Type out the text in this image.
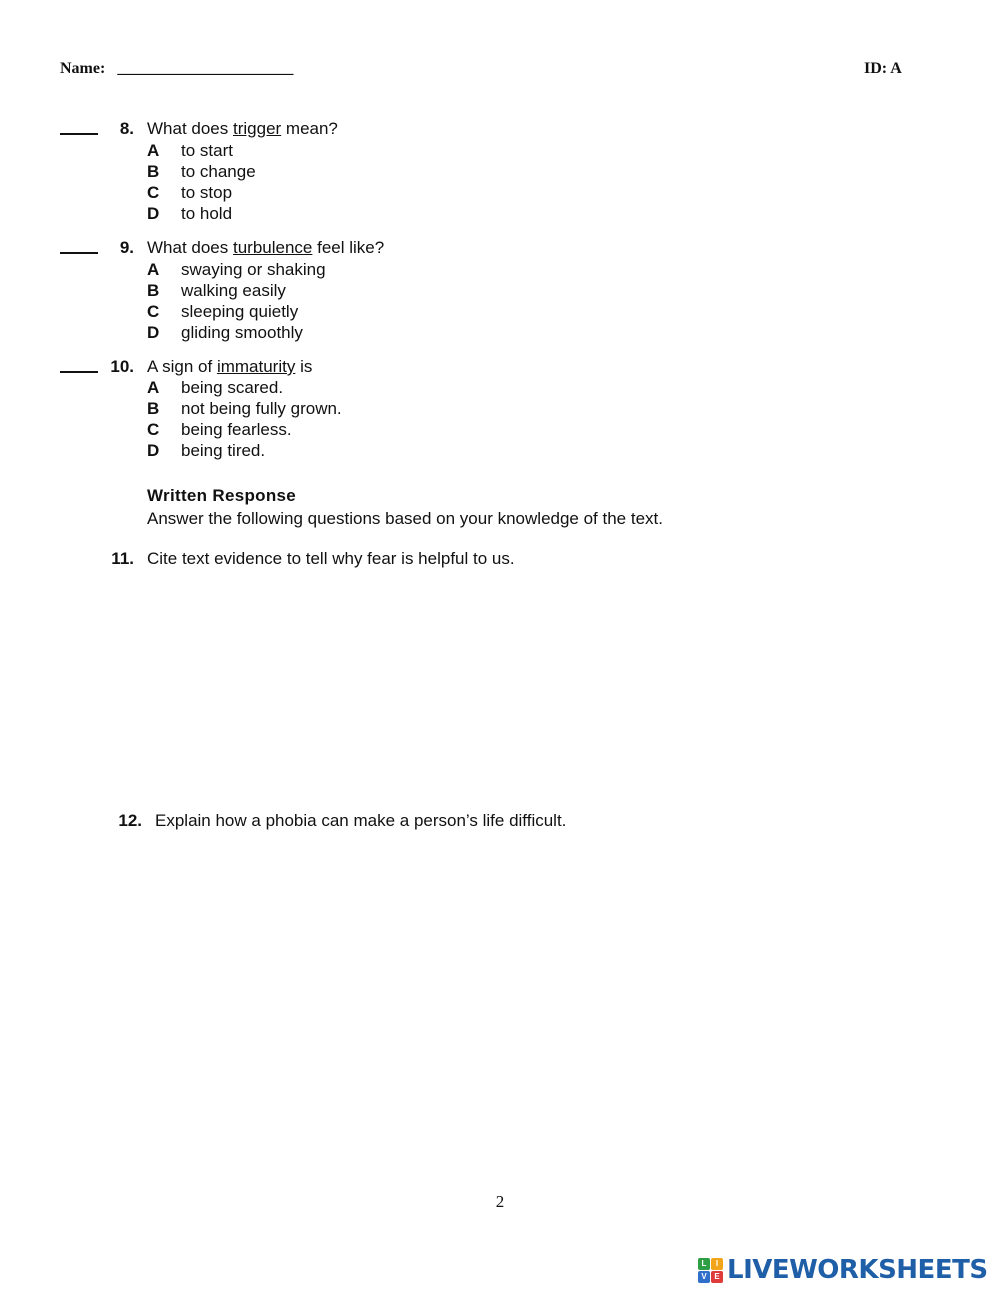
Name: ______________________	ID: A
8. What does trigger mean?
A to start
B to change
C to stop
D to hold
9. What does turbulence feel like?
A swaying or shaking
B walking easily
C sleeping quietly
D gliding smoothly
10. A sign of immaturity is
A being scared.
B not being fully grown.
C being fearless.
D being tired.
Written Response
Answer the following questions based on your knowledge of the text.
11. Cite text evidence to tell why fear is helpful to us.
12. Explain how a phobia can make a person’s life difficult.
2
L	I
V E LIVEWORKSHEETS
